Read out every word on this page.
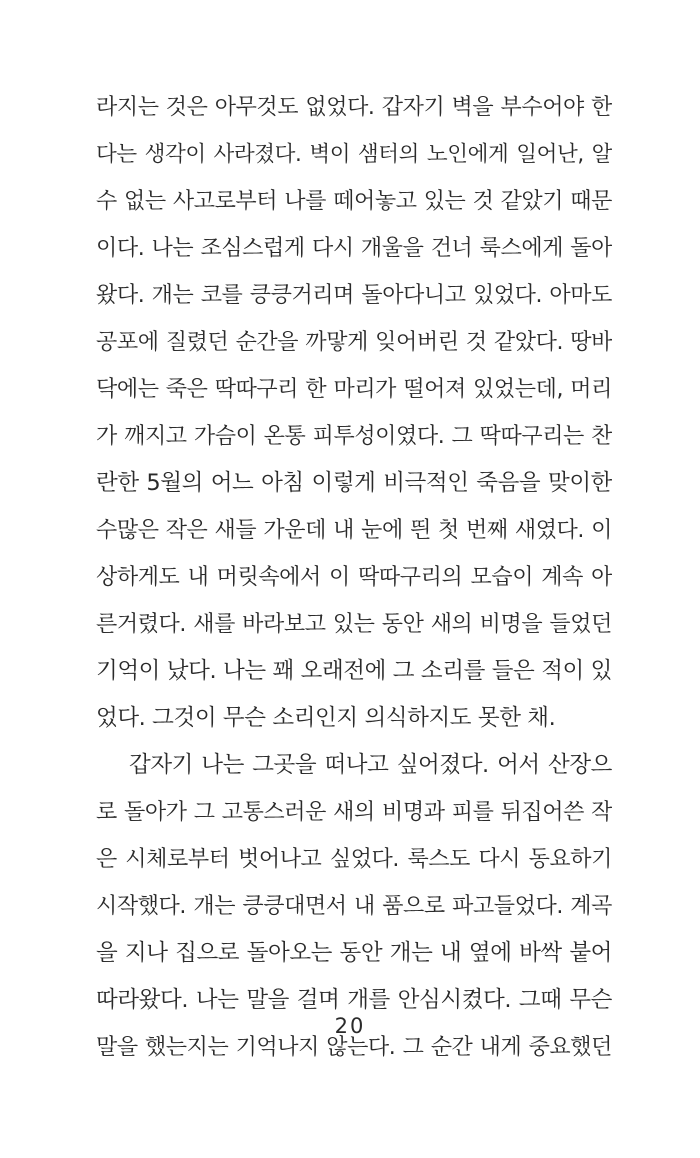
라지는 것은 아무것도 없었다. 갑자기 벽을 부수어야 한
다는 생각이 사라졌다. 벽이 샘터의 노인에게 일어난, 알
수 없는 사고로부터 나를 떼어놓고 있는 것 같았기 때문
이다. 나는 조심스럽게 다시 개울을 건너 룩스에게 돌아
왔다. 개는 코를 킁킁거리며 돌아다니고 있었다. 아마도
공포에 질렸던 순간을 까맣게 잊어버린 것 같았다. 땅바
닥에는 죽은 딱따구리 한 마리가 떨어져 있었는데, 머리
가 깨지고 가슴이 온통 피투성이였다. 그 딱따구리는 찬
란한 5월의 어느 아침 이렇게 비극적인 죽음을 맞이한
수많은 작은 새들 가운데 내 눈에 띈 첫 번째 새였다. 이
상하게도 내 머릿속에서 이 딱따구리의 모습이 계속 아
른거렸다. 새를 바라보고 있는 동안 새의 비명을 들었던
기억이 났다. 나는 꽤 오래전에 그 소리를 들은 적이 있
었다. 그것이 무슨 소리인지 의식하지도 못한 채.
갑자기 나는 그곳을 떠나고 싶어졌다. 어서 산장으
로 돌아가 그 고통스러운 새의 비명과 피를 뒤집어쓴 작
은 시체로부터 벗어나고 싶었다. 룩스도 다시 동요하기
시작했다. 개는 킁킁대면서 내 품으로 파고들었다. 계곡
을 지나 집으로 돌아오는 동안 개는 내 옆에 바싹 붙어
따라왔다. 나는 말을 걸며 개를 안심시켰다. 그때 무슨
말을 했는지는 기억나지 않는다. 그 순간 내게 중요했던
20
